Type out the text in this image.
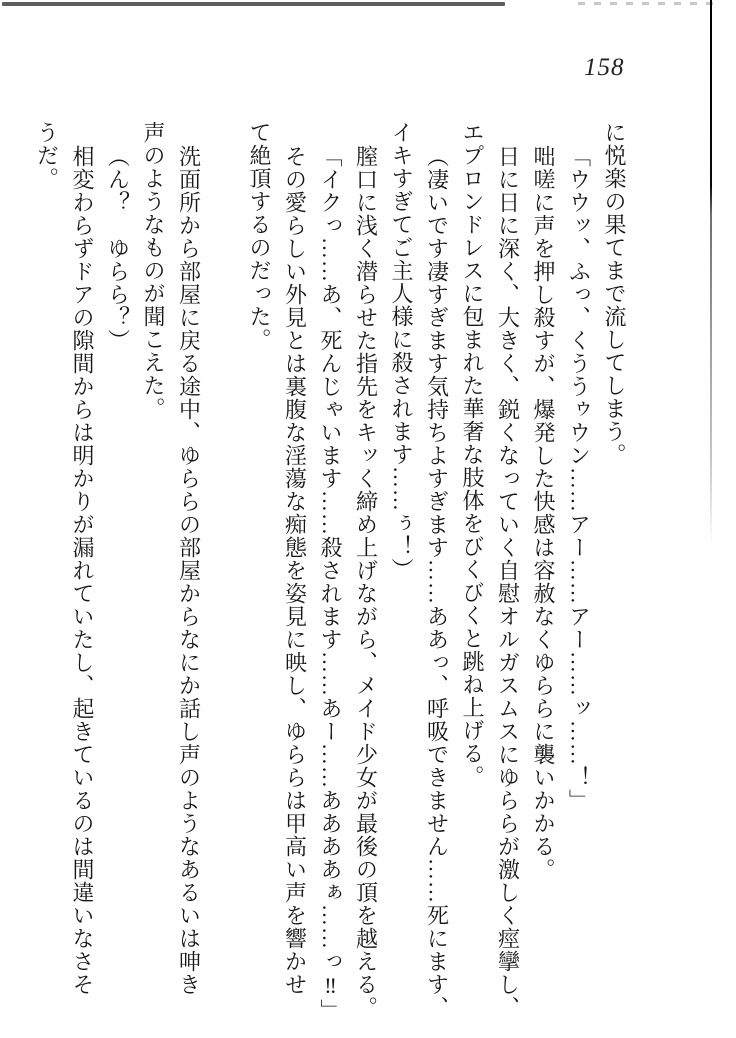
158
に悦楽の果てまで流してしまう。
「ウウッ、ふっ、くううゥウン……アー……アー……ッ……！」
咄嗟に声を押し殺すが、爆発した快感は容赦なくゆららに襲いかかる。
日に日に深く、大きく、鋭くなっていく自慰オルガスムスにゆららが激しく痙攣し、
エプロンドレスに包まれた華奢な肢体をびくびくと跳ね上げる。
（凄いです凄すぎます気持ちよすぎます……ああっ、呼吸できません……死にます、
イキすぎてご主人様に殺されます……ぅ！）
膣口に浅く潜らせた指先をキッく締め上げながら、メイド少女が最後の頂を越える。
「イクっ……あ、死んじゃいます……殺されます……あー……ああああぁ……っ‼」
その愛らしい外見とは裏腹な淫蕩な痴態を姿見に映し、ゆららは甲高い声を響かせ
て絶頂するのだった。
洗面所から部屋に戻る途中、ゆららの部屋からなにか話し声のようなあるいは呻き
声のようなものが聞こえた。
（ん？　ゆらら？）
相変わらずドアの隙間からは明かりが漏れていたし、起きているのは間違いなさそ
うだ。
